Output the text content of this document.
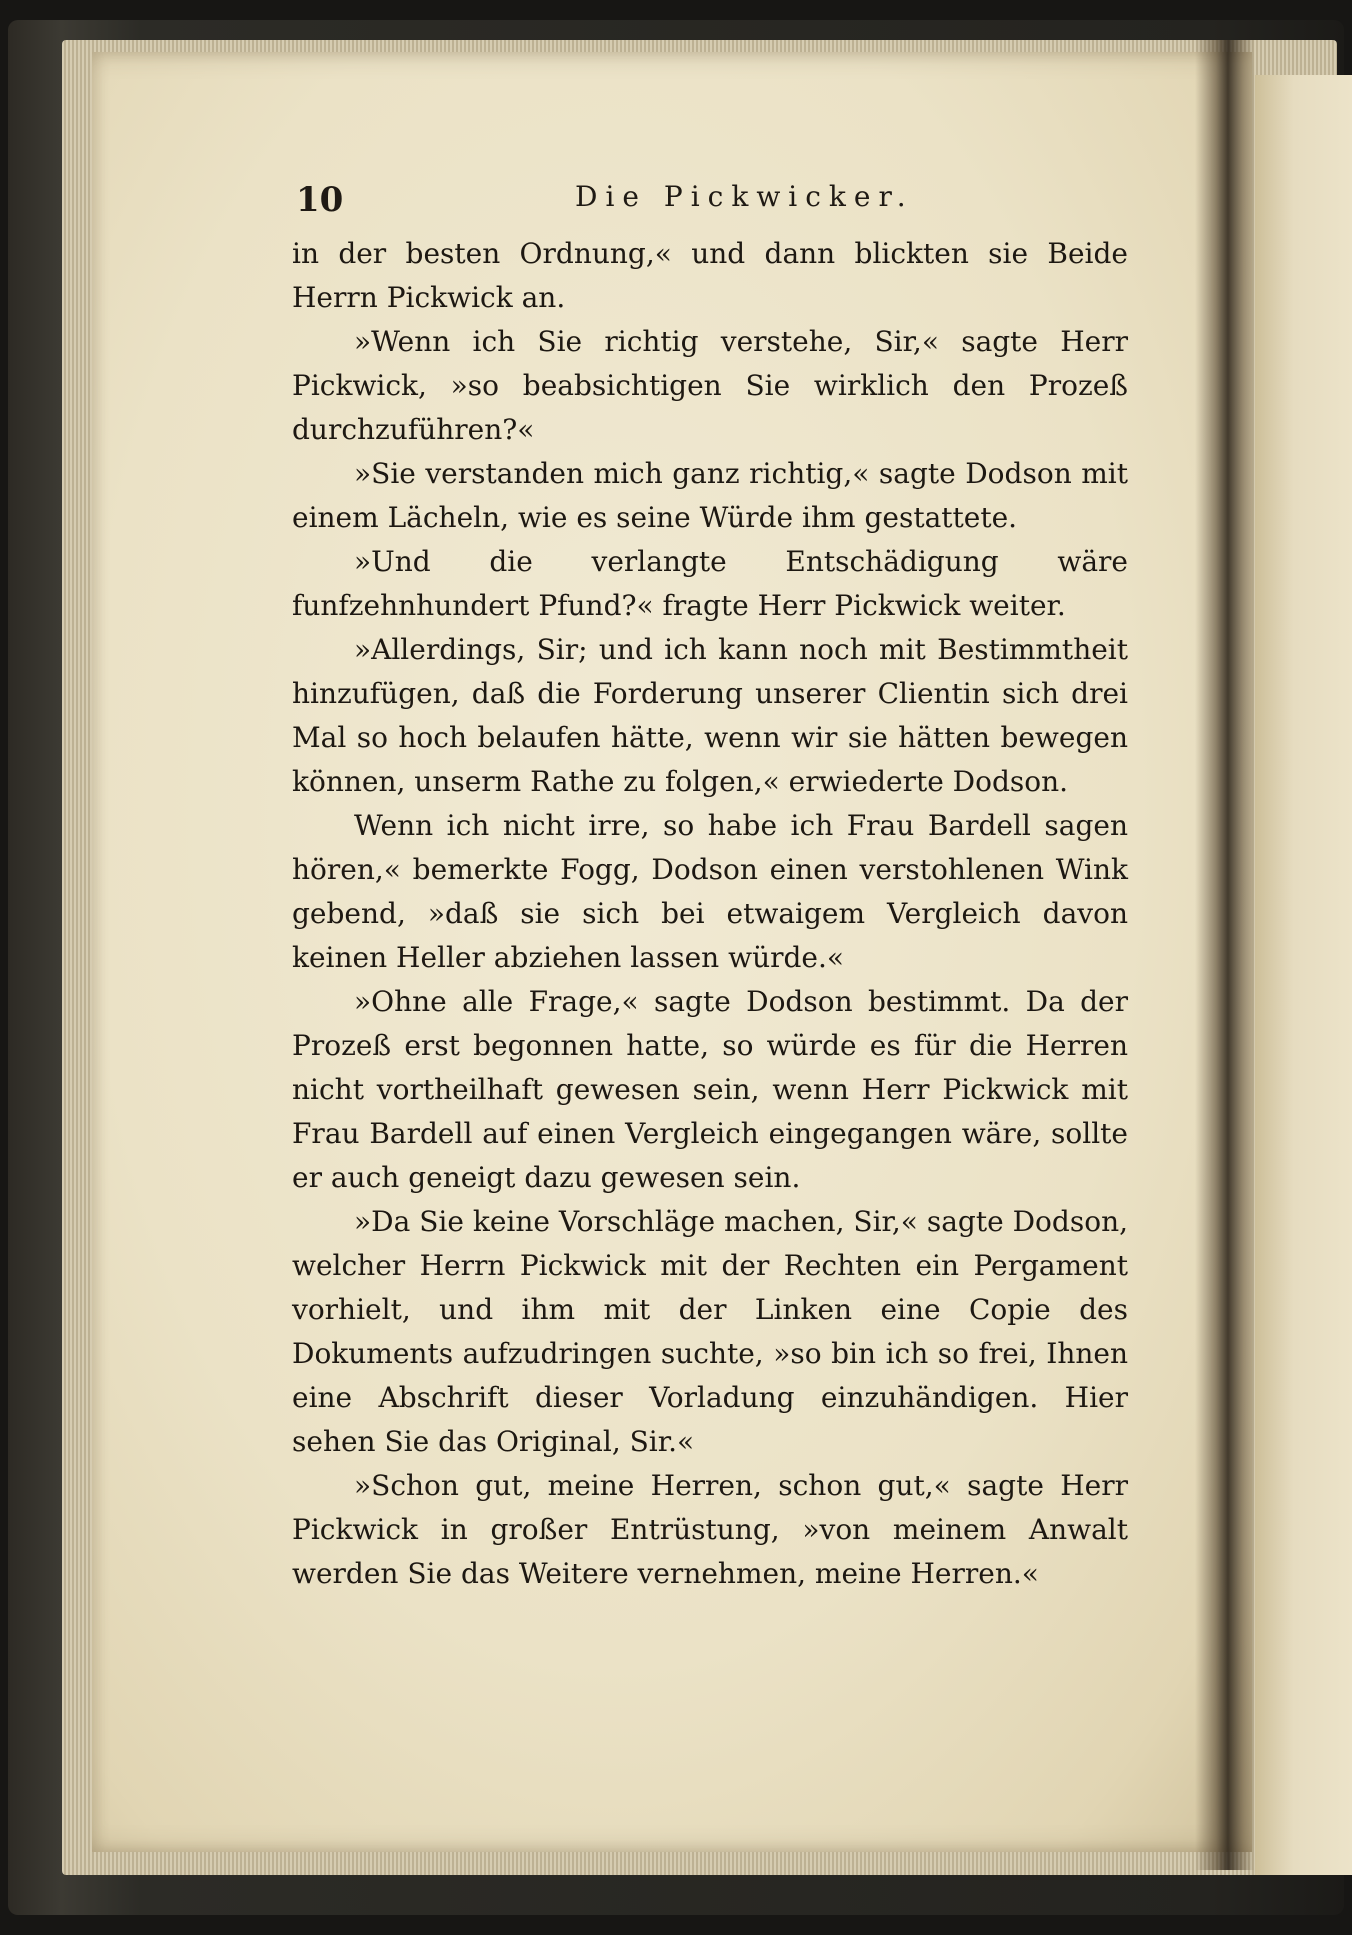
10	Die Pickwicker.

in der besten Ordnung,« und dann blickten sie Beide Herrn Pickwick an.

»Wenn ich Sie richtig verstehe, Sir,« sagte Herr Pickwick, »so beabsichtigen Sie wirklich den Prozeß durchzuführen?«

»Sie verstanden mich ganz richtig,« sagte Dodson mit einem Lächeln, wie es seine Würde ihm gestattete.

»Und die verlangte Entschädigung wäre funfzehnhundert Pfund?« fragte Herr Pickwick weiter.

»Allerdings, Sir; und ich kann noch mit Bestimmtheit hinzufügen, daß die Forderung unserer Clientin sich drei Mal so hoch belaufen hätte, wenn wir sie hätten bewegen können, unserm Rathe zu folgen,« erwiederte Dodson.

Wenn ich nicht irre, so habe ich Frau Bardell sagen hören,« bemerkte Fogg, Dodson einen verstohlenen Wink gebend, »daß sie sich bei etwaigem Vergleich davon keinen Heller abziehen lassen würde.«

»Ohne alle Frage,« sagte Dodson bestimmt. Da der Prozeß erst begonnen hatte, so würde es für die Herren nicht vortheilhaft gewesen sein, wenn Herr Pickwick mit Frau Bardell auf einen Vergleich eingegangen wäre, sollte er auch geneigt dazu gewesen sein.

»Da Sie keine Vorschläge machen, Sir,« sagte Dodson, welcher Herrn Pickwick mit der Rechten ein Pergament vorhielt, und ihm mit der Linken eine Copie des Dokuments aufzudringen suchte, »so bin ich so frei, Ihnen eine Abschrift dieser Vorladung einzuhändigen. Hier sehen Sie das Original, Sir.«

»Schon gut, meine Herren, schon gut,« sagte Herr Pickwick in großer Entrüstung, »von meinem Anwalt werden Sie das Weitere vernehmen, meine Herren.«
